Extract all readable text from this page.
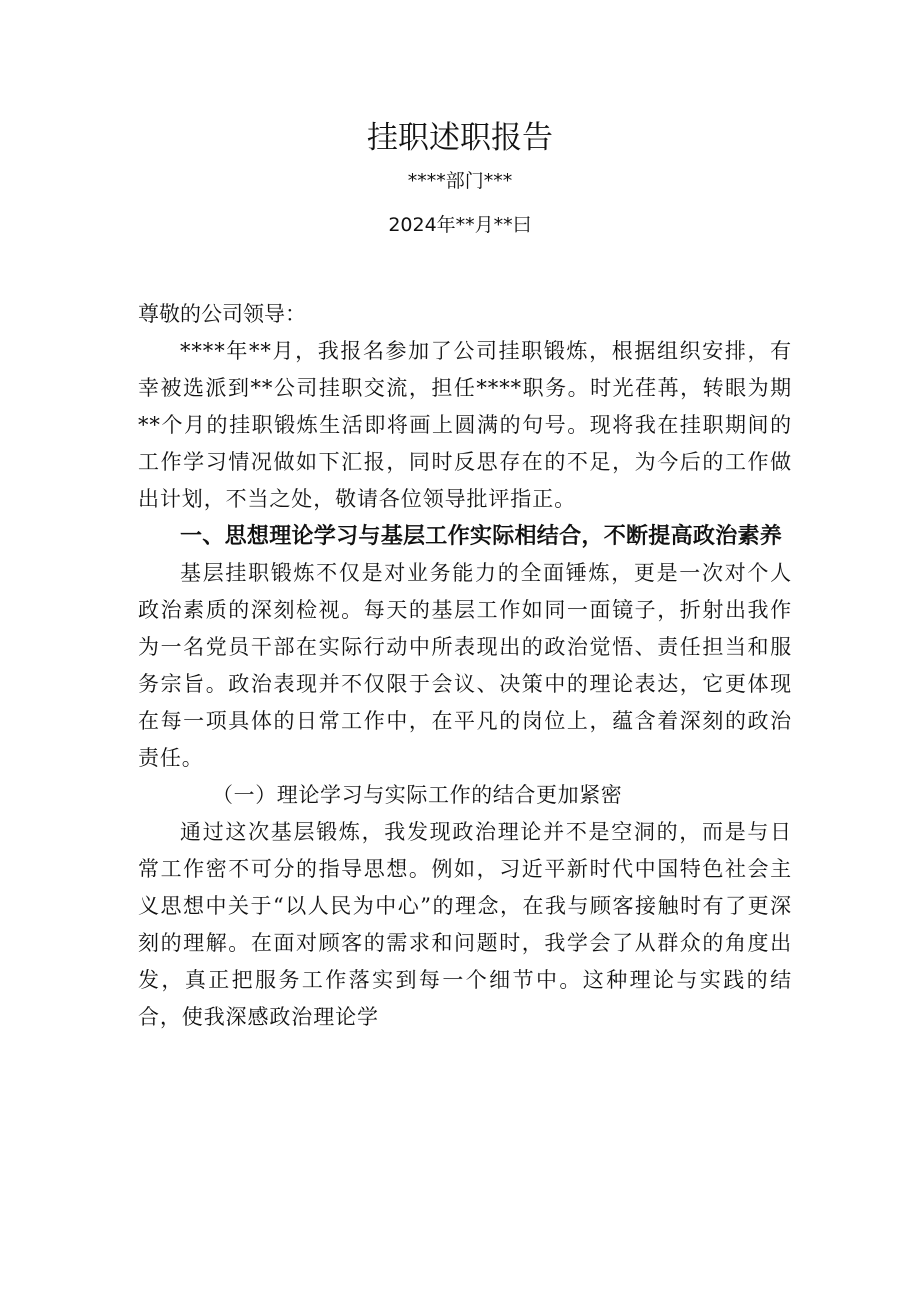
挂职述职报告
****部门***
2024年**月**曰

尊敬的公司领导：

****年**月，我报名参加了公司挂职锻炼，根据组织安排，有幸被选派到**公司挂职交流，担任****职务。时光荏苒，转眼为期**个月的挂职锻炼生活即将画上圆满的句号。现将我在挂职期间的工作学习情况做如下汇报，同时反思存在的不足，为今后的工作做出计划，不当之处，敬请各位领导批评指正。

一、思想理论学习与基层工作实际相结合，不断提高政治素养

基层挂职锻炼不仅是对业务能力的全面锤炼，更是一次对个人政治素质的深刻检视。每天的基层工作如同一面镜子，折射出我作为一名党员干部在实际行动中所表现出的政治觉悟、责任担当和服务宗旨。政治表现并不仅限于会议、决策中的理论表达，它更体现在每一项具体的日常工作中，在平凡的岗位上，蕴含着深刻的政治责任。

（一）理论学习与实际工作的结合更加紧密

通过这次基层锻炼，我发现政治理论并不是空洞的，而是与日常工作密不可分的指导思想。例如，习近平新时代中国特色社会主义思想中关于“以人民为中心”的理念，在我与顾客接触时有了更深刻的理解。在面对顾客的需求和问题时，我学会了从群众的角度出发，真正把服务工作落实到每一个细节中。这种理论与实践的结合，使我深感政治理论学
